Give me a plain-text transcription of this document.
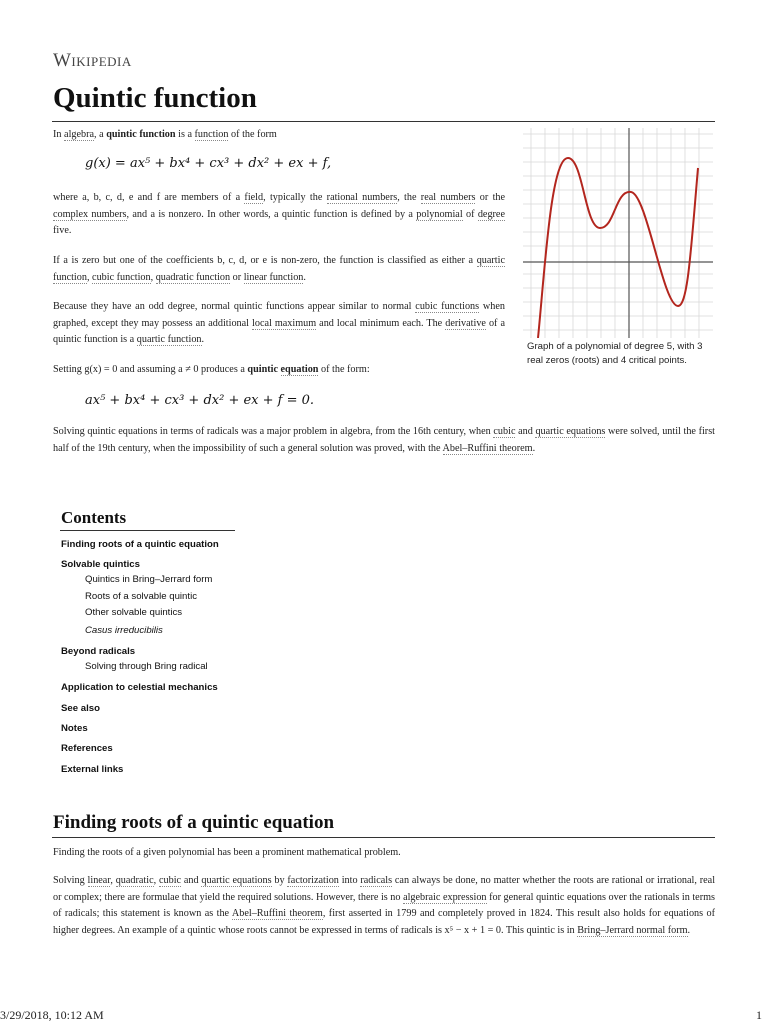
Wikipedia
Quintic function
In algebra, a quintic function is a function of the form
g(x) = ax⁵ + bx⁴ + cx³ + dx² + ex + f,
where a, b, c, d, e and f are members of a field, typically the rational numbers, the real numbers or the complex numbers, and a is nonzero. In other words, a quintic function is defined by a polynomial of degree five.
If a is zero but one of the coefficients b, c, d, or e is non-zero, the function is classified as either a quartic function, cubic function, quadratic function or linear function.
Because they have an odd degree, normal quintic functions appear similar to normal cubic functions when graphed, except they may possess an additional local maximum and local minimum each. The derivative of a quintic function is a quartic function.
Setting g(x) = 0 and assuming a ≠ 0 produces a quintic equation of the form:
ax⁵ + bx⁴ + cx³ + dx² + ex + f = 0.
Solving quintic equations in terms of radicals was a major problem in algebra, from the 16th century, when cubic and quartic equations were solved, until the first half of the 19th century, when the impossibility of such a general solution was proved, with the Abel–Ruffini theorem.
Graph of a polynomial of degree 5, with 3 real zeros (roots) and 4 critical points.
Contents
Finding roots of a quintic equation
Solvable quintics
Quintics in Bring–Jerrard form
Roots of a solvable quintic
Other solvable quintics
Casus irreducibilis
Beyond radicals
Solving through Bring radical
Application to celestial mechanics
See also
Notes
References
External links
Finding roots of a quintic equation
Finding the roots of a given polynomial has been a prominent mathematical problem.
Solving linear, quadratic, cubic and quartic equations by factorization into radicals can always be done, no matter whether the roots are rational or irrational, real or complex; there are formulae that yield the required solutions. However, there is no algebraic expression for general quintic equations over the rationals in terms of radicals; this statement is known as the Abel–Ruffini theorem, first asserted in 1799 and completely proved in 1824. This result also holds for equations of higher degrees. An example of a quintic whose roots cannot be expressed in terms of radicals is x⁵ − x + 1 = 0. This quintic is in Bring–Jerrard normal form.
3/29/2018, 10:12 AM	1
